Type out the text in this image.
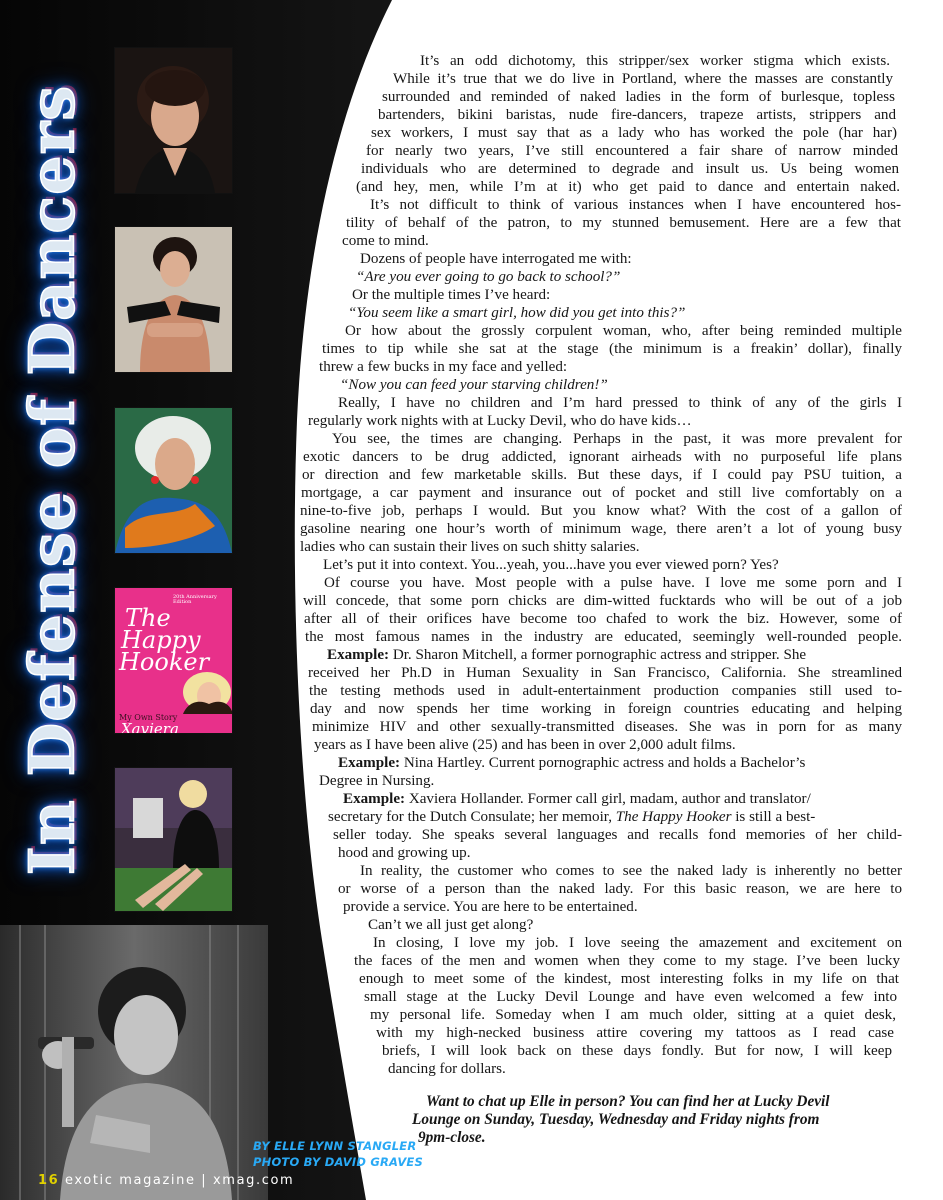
In Defense of Dancers	20th Anniversary Edition
The
Happy
Hooker
My Own Story
Xaviera
BY ELLE LYNN STANGLER
PHOTO BY DAVID GRAVES
16 exotic magazine | xmag.com
It’s an odd dichotomy, this stripper/sex worker stigma which exists.
While it’s true that we do live in Portland, where the masses are constantly
surrounded and reminded of naked ladies in the form of burlesque, topless
bartenders, bikini baristas, nude fire-dancers, trapeze artists, strippers and
sex workers, I must say that as a lady who has worked the pole (har har)
for nearly two years, I’ve still encountered a fair share of narrow minded
individuals who are determined to degrade and insult us. Us being women
(and hey, men, while I’m at it) who get paid to dance and entertain naked.
It’s not difficult to think of various instances when I have encountered hos-
tility of behalf of the patron, to my stunned bemusement. Here are a few that
come to mind.
Dozens of people have interrogated me with:
“Are you ever going to go back to school?”
Or the multiple times I’ve heard:
“You seem like a smart girl, how did you get into this?”
Or how about the grossly corpulent woman, who, after being reminded multiple
times to tip while she sat at the stage (the minimum is a freakin’ dollar), finally
threw a few bucks in my face and yelled:
“Now you can feed your starving children!”
Really, I have no children and I’m hard pressed to think of any of the girls I
regularly work nights with at Lucky Devil, who do have kids…
You see, the times are changing. Perhaps in the past, it was more prevalent for
exotic dancers to be drug addicted, ignorant airheads with no purposeful life plans
or direction and few marketable skills. But these days, if I could pay PSU tuition, a
mortgage, a car payment and insurance out of pocket and still live comfortably on a
nine-to-five job, perhaps I would. But you know what? With the cost of a gallon of
gasoline nearing one hour’s worth of minimum wage, there aren’t a lot of young busy
ladies who can sustain their lives on such shitty salaries.
Let’s put it into context. You...yeah, you...have you ever viewed porn? Yes?
Of course you have. Most people with a pulse have. I love me some porn and I
will concede, that some porn chicks are dim-witted fucktards who will be out of a job
after all of their orifices have become too chafed to work the biz. However, some of
the most famous names in the industry are educated, seemingly well-rounded people.
Example: Dr. Sharon Mitchell, a former pornographic actress and stripper. She
received her Ph.D in Human Sexuality in San Francisco, California. She streamlined
the testing methods used in adult-entertainment production companies still used to-
day and now spends her time working in foreign countries educating and helping
minimize HIV and other sexually-transmitted diseases. She was in porn for as many
years as I have been alive (25) and has been in over 2,000 adult films.
Example: Nina Hartley. Current pornographic actress and holds a Bachelor’s
Degree in Nursing.
Example: Xaviera Hollander. Former call girl, madam, author and translator/
secretary for the Dutch Consulate; her memoir, The Happy Hooker is still a best-
seller today. She speaks several languages and recalls fond memories of her child-
hood and growing up.
In reality, the customer who comes to see the naked lady is inherently no better
or worse of a person than the naked lady. For this basic reason, we are here to
provide a service. You are here to be entertained.
Can’t we all just get along?
In closing, I love my job. I love seeing the amazement and excitement on
the faces of the men and women when they come to my stage. I’ve been lucky
enough to meet some of the kindest, most interesting folks in my life on that
small stage at the Lucky Devil Lounge and have even welcomed a few into
my personal life. Someday when I am much older, sitting at a quiet desk,
with my high-necked business attire covering my tattoos as I read case
briefs, I will look back on these days fondly. But for now, I will keep
dancing for dollars.
Want to chat up Elle in person? You can find her at Lucky Devil
Lounge on Sunday, Tuesday, Wednesday and Friday nights from
9pm-close.
